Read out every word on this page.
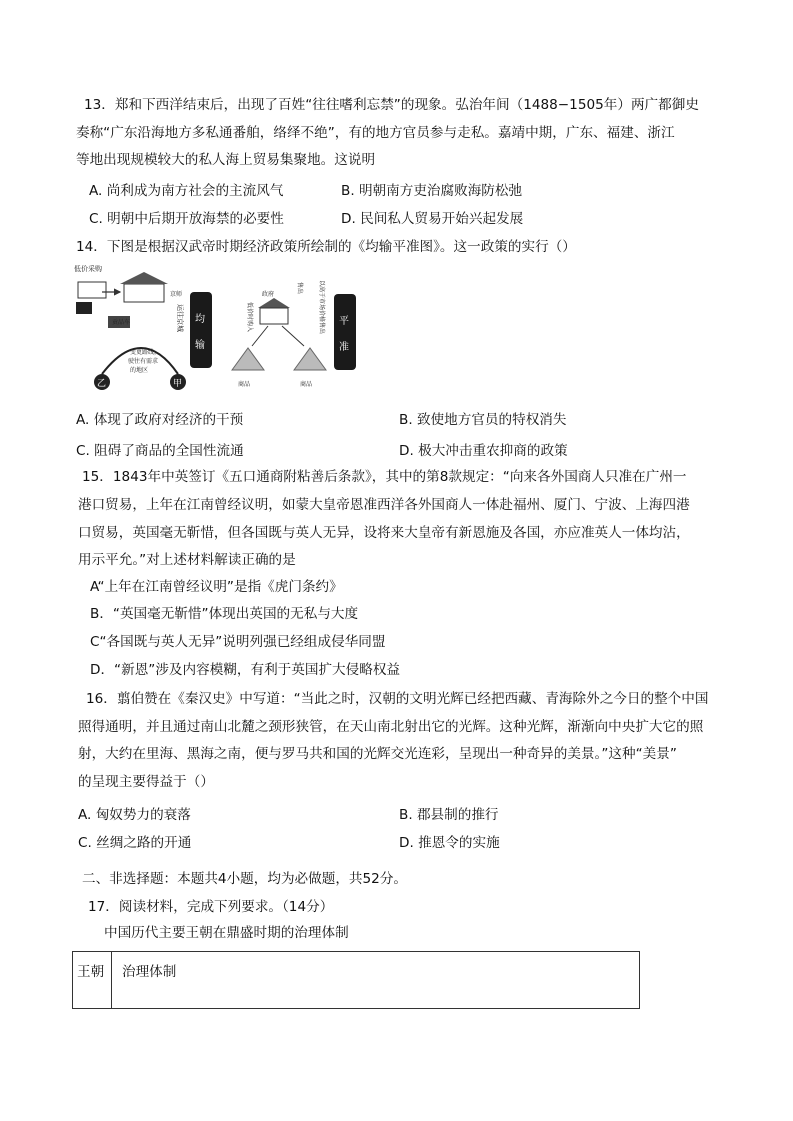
13．郑和下西洋结束后，出现了百姓“往往嗜利忘禁”的现象。弘治年间（1488−1505年）两广都御史
奏称“广东沿海地方多私通番舶，络绎不绝”，有的地方官员参与走私。嘉靖中期，广东、福建、浙江
等地出现规模较大的私人海上贸易集聚地。这说明
A. 尚利成为南方社会的主流风气	B. 明朝南方吏治腐败海防松弛
C. 明朝中后期开放海禁的必要性	D. 民间私人贸易开始兴起发展
14．下图是根据汉武帝时期经济政策所绘制的《均输平准图》。这一政策的实行（）
低价采购
京师
运往京城
贡品车
变更路线，
驶往有需求
的地区
乙	甲
均
输
政府
低价时购入	以高于市场价格售出
售出
商品	商品
平
准
A. 体现了政府对经济的干预	B. 致使地方官员的特权消失
C. 阻碍了商品的全国性流通	D. 极大冲击重农抑商的政策
15．1843年中英签订《五口通商附粘善后条款》，其中的第8款规定：“向来各外国商人只准在广州一
港口贸易，上年在江南曾经议明，如蒙大皇帝恩准西洋各外国商人一体赴福州、厦门、宁波、上海四港
口贸易，英国毫无靳惜，但各国既与英人无异，设将来大皇帝有新恩施及各国，亦应准英人一体均沾，
用示平允。”对上述材料解读正确的是
A“上年在江南曾经议明”是指《虎门条约》
B．“英国毫无靳惜”体现出英国的无私与大度
C“各国既与英人无异”说明列强已经组成侵华同盟
D．“新恩”涉及内容模糊，有利于英国扩大侵略权益
16．翦伯赞在《秦汉史》中写道：“当此之时，汉朝的文明光辉已经把西藏、青海除外之今日的整个中国
照得通明，并且通过南山北麓之颈形狭管，在天山南北射出它的光辉。这种光辉，渐渐向中央扩大它的照
射，大约在里海、黑海之南，便与罗马共和国的光辉交光连彩，呈现出一种奇异的美景。”这种“美景”
的呈现主要得益于（）
A. 匈奴势力的衰落	B. 郡县制的推行
C. 丝绸之路的开通	D. 推恩令的实施
二、非选择题：本题共4小题，均为必做题，共52分。
17．阅读材料，完成下列要求。（14分）
中国历代主要王朝在鼎盛时期的治理体制
王朝	治理体制
